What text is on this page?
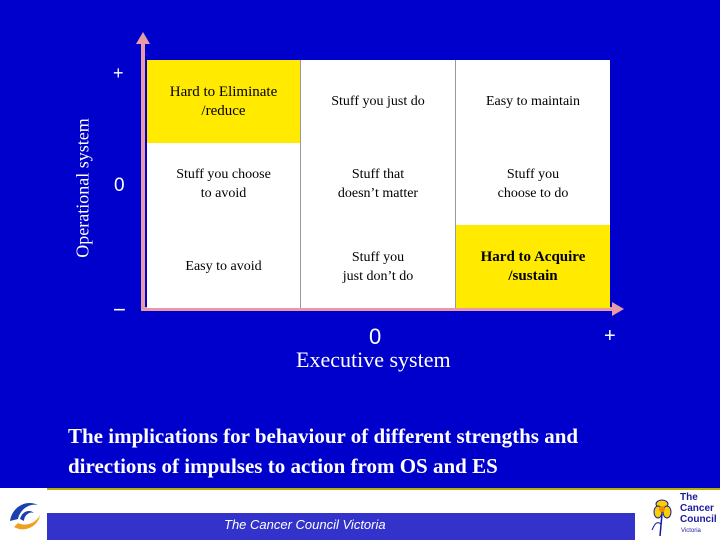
Hard to Eliminate
/reduce
Stuff you just do	Easy to maintain
Stuff you choose
to avoid
Stuff that
doesn’t matter
Stuff you
choose to do
Easy to avoid
Stuff you
just don’t do
Hard to Acquire
/sustain
Operational system
+
0
−
0	+
Executive system
The implications for behaviour of different strengths and directions of impulses to action from OS and ES
The Cancer Council Victoria
The
Cancer
Council
Victoria
